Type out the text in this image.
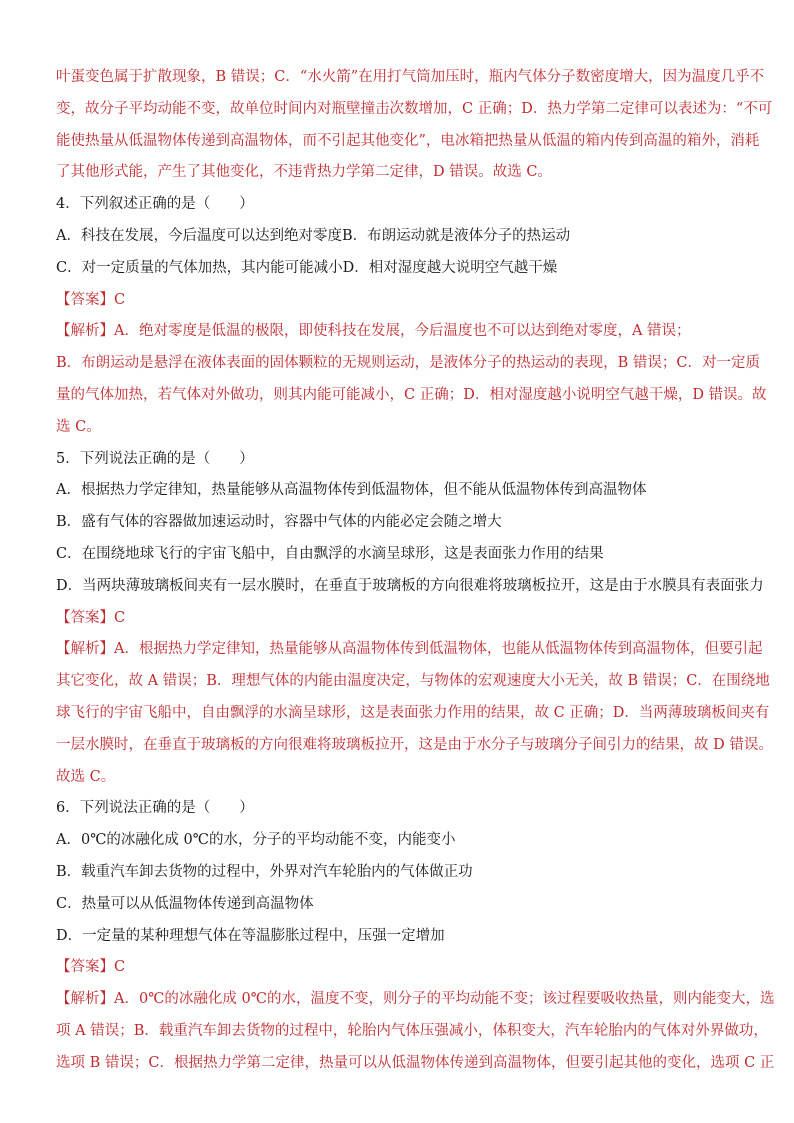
叶蛋变色属于扩散现象，B 错误；C．“水火箭”在用打气筒加压时，瓶内气体分子数密度增大，因为温度几乎不
变，故分子平均动能不变，故单位时间内对瓶壁撞击次数增加，C 正确；D．热力学第二定律可以表述为：“不可
能使热量从低温物体传递到高温物体，而不引起其他变化”，电冰箱把热量从低温的箱内传到高温的箱外，消耗
了其他形式能，产生了其他变化，不违背热力学第二定律，D 错误。故选 C。
4．下列叙述正确的是（　　）
A．科技在发展，今后温度可以达到绝对零度B．布朗运动就是液体分子的热运动
C．对一定质量的气体加热，其内能可能减小D．相对湿度越大说明空气越干燥
【答案】C
【解析】A．绝对零度是低温的极限，即使科技在发展，今后温度也不可以达到绝对零度，A 错误；
B．布朗运动是悬浮在液体表面的固体颗粒的无规则运动，是液体分子的热运动的表现，B 错误；C．对一定质
量的气体加热，若气体对外做功，则其内能可能减小，C 正确；D．相对湿度越小说明空气越干燥，D 错误。故
选 C。
5．下列说法正确的是（　　）
A．根据热力学定律知，热量能够从高温物体传到低温物体，但不能从低温物体传到高温物体
B．盛有气体的容器做加速运动时，容器中气体的内能必定会随之增大
C．在围绕地球飞行的宇宙飞船中，自由飘浮的水滴呈球形，这是表面张力作用的结果
D．当两块薄玻璃板间夹有一层水膜时，在垂直于玻璃板的方向很难将玻璃板拉开，这是由于水膜具有表面张力
【答案】C
【解析】A．根据热力学定律知，热量能够从高温物体传到低温物体，也能从低温物体传到高温物体，但要引起
其它变化，故 A 错误；B．理想气体的内能由温度决定，与物体的宏观速度大小无关，故 B 错误；C．在围绕地
球飞行的宇宙飞船中，自由飘浮的水滴呈球形，这是表面张力作用的结果，故 C 正确；D．当两薄玻璃板间夹有
一层水膜时，在垂直于玻璃板的方向很难将玻璃板拉开，这是由于水分子与玻璃分子间引力的结果，故 D 错误。
故选 C。
6．下列说法正确的是（　　）
A．0℃的冰融化成 0℃的水，分子的平均动能不变，内能变小
B．载重汽车卸去货物的过程中，外界对汽车轮胎内的气体做正功
C．热量可以从低温物体传递到高温物体
D．一定量的某种理想气体在等温膨胀过程中，压强一定增加
【答案】C
【解析】A．0℃的冰融化成 0℃的水，温度不变，则分子的平均动能不变；该过程要吸收热量，则内能变大，选
项 A 错误；B．载重汽车卸去货物的过程中，轮胎内气体压强减小，体积变大，汽车轮胎内的气体对外界做功，
选项 B 错误；C．根据热力学第二定律，热量可以从低温物体传递到高温物体，但要引起其他的变化，选项 C 正
